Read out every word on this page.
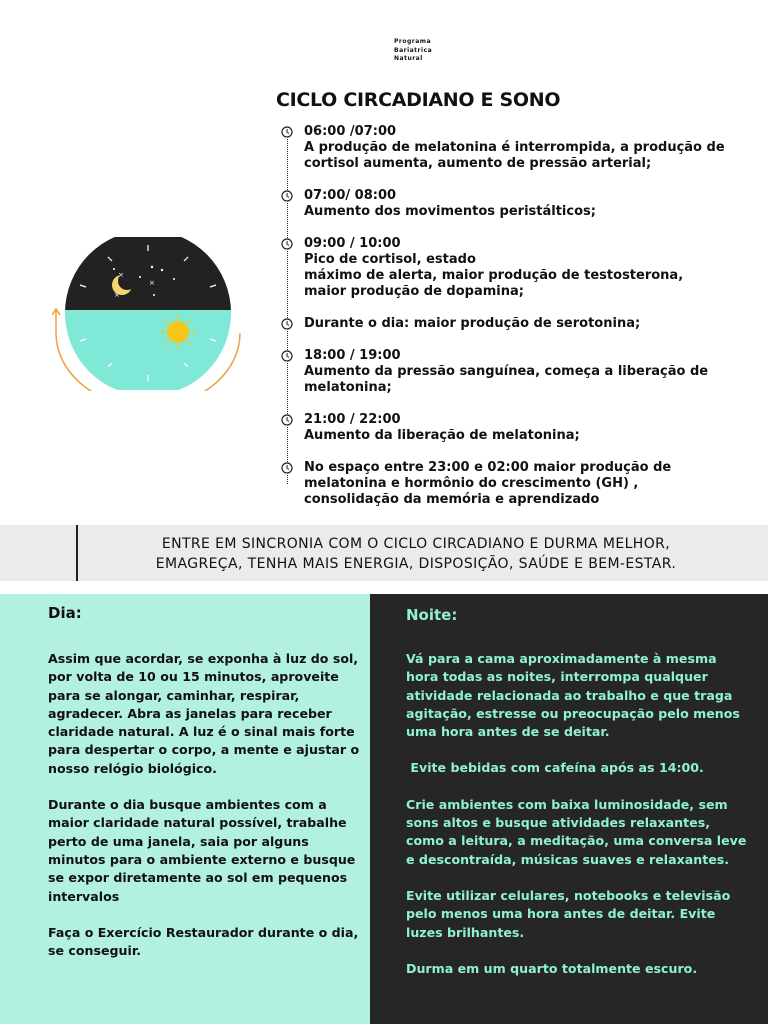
Programa
Bariatrica
Natural
CICLO CIRCADIANO E SONO
×
×
×
06:00 /07:00
A produção de melatonina é interrompida, a produção de cortisol aumenta, aumento de pressão arterial;
07:00/ 08:00
Aumento dos movimentos peristálticos;
09:00 / 10:00
Pico de cortisol, estado
máximo de alerta, maior produção de testosterona, maior produção de dopamina;
Durante o dia: maior produção de serotonina;
18:00 / 19:00
Aumento da pressão sanguínea, começa a liberação de melatonina;
21:00 / 22:00
Aumento da liberação de melatonina;
No espaço entre 23:00 e 02:00 maior produção de melatonina e hormônio do crescimento (GH) , consolidação da memória e aprendizado
ENTRE EM SINCRONIA COM O CICLO CIRCADIANO E DURMA MELHOR,
EMAGREÇA, TENHA MAIS ENERGIA, DISPOSIÇÃO, SAÚDE E BEM-ESTAR.
Dia:

Assim que acordar, se exponha à luz do sol, por volta de 10 ou 15 minutos, aproveite para se alongar, caminhar, respirar, agradecer. Abra as janelas para receber claridade natural. A luz é o sinal mais forte para despertar o corpo, a mente e ajustar o nosso relógio biológico.

Durante o dia busque ambientes com a maior claridade natural possível, trabalhe perto de uma janela, saia por alguns minutos para o ambiente externo e busque se expor diretamente ao sol em pequenos intervalos

Faça o Exercício Restaurador durante o dia, se conseguir.

Noite:

Vá para a cama aproximadamente à mesma hora todas as noites, interrompa qualquer atividade relacionada ao trabalho e que traga agitação, estresse ou preocupação pelo menos uma hora antes de se deitar.

Evite bebidas com cafeína após as 14:00.

Crie ambientes com baixa luminosidade, sem sons altos e busque atividades relaxantes, como a leitura, a meditação, uma conversa leve e descontraída, músicas suaves e relaxantes.

Evite utilizar celulares, notebooks e televisão pelo menos uma hora antes de deitar. Evite luzes brilhantes.

Durma em um quarto totalmente escuro.
